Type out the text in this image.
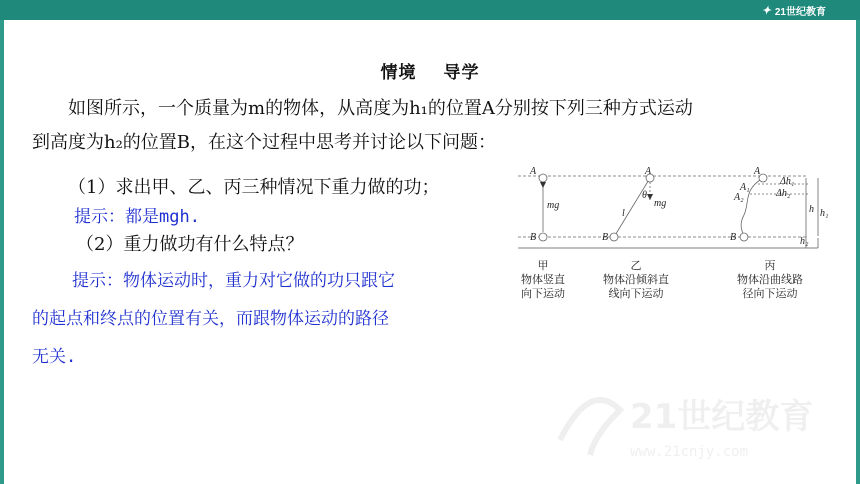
✦ 21世纪教育
情境 导学
如图所示，一个质量为m的物体，从高度为h₁的位置A分别按下列三种方式运动
到高度为h₂的位置B，在这个过程中思考并讨论以下问题：
（1）求出甲、乙、丙三种情况下重力做的功；
提示：都是mgh.
（2）重力做功有什么特点？
提示：物体运动时，重力对它做的功只跟它
的起点和终点的位置有关，而跟物体运动的路径
无关.
A
B
mg
A
B
mg
l
θ
A
A₁
A₂
B
Δh₁
Δh₂
h h₁
h₂
甲
物体竖直
向下运动
乙
物体沿倾斜直
线向下运动
丙
物体沿曲线路
径向下运动
21世纪教育
www.21cnjy.com
